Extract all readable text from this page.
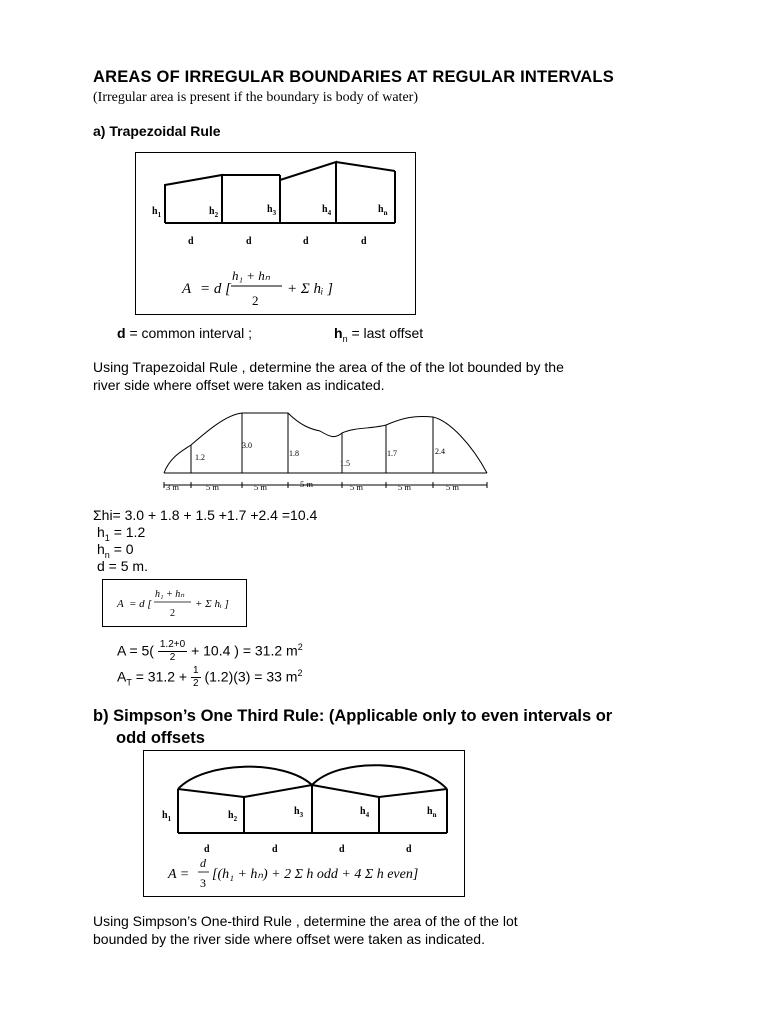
AREAS OF IRREGULAR BOUNDARIES AT REGULAR INTERVALS
(Irregular area is present if the boundary is body of water)
a) Trapezoidal Rule
$h_1$	$h_2$	$h_3$	$h_4$	$h_n$
d	d	d	d
A = d [
h₁ + hₙ
2
+ Σ hᵢ ]
d = common interval ;	$h_n$ = last offset
Using Trapezoidal Rule , determine the area of the of the lot bounded by the
river side where offset were taken as indicated.
1.2
3.0
1.8
1.5
1.7	2.4
3 m	5 m	5 m	5 m	5 m	5 m	5 m
Σhi= 3.0 + 1.8 + 1.5 +1.7 +2.4 =10.4
$h_1 = 1.2$
$h_n = 0$
d = 5 m.
A = d [
h₁ + hₙ
2
+ Σ hᵢ ]
$A = 5( \frac{1.2+0}{2} + 10.4$ ) = 31.2 $m^2$
$A_T = 31.2 + \frac{1}{2} (1.2)(3) = 33$ $m^2$
b) Simpson’s One Third Rule: (Applicable only to even intervals or
odd offsets
$h_1$	$h_2$
$h_3$	$h_4$	$h_n$
d	d	d	d
A =
d
3
[(h₁ + hₙ) + 2 Σ h odd + 4 Σ h even]
Using Simpson’s One-third Rule , determine the area of the of the lot
bounded by the river side where offset were taken as indicated.
